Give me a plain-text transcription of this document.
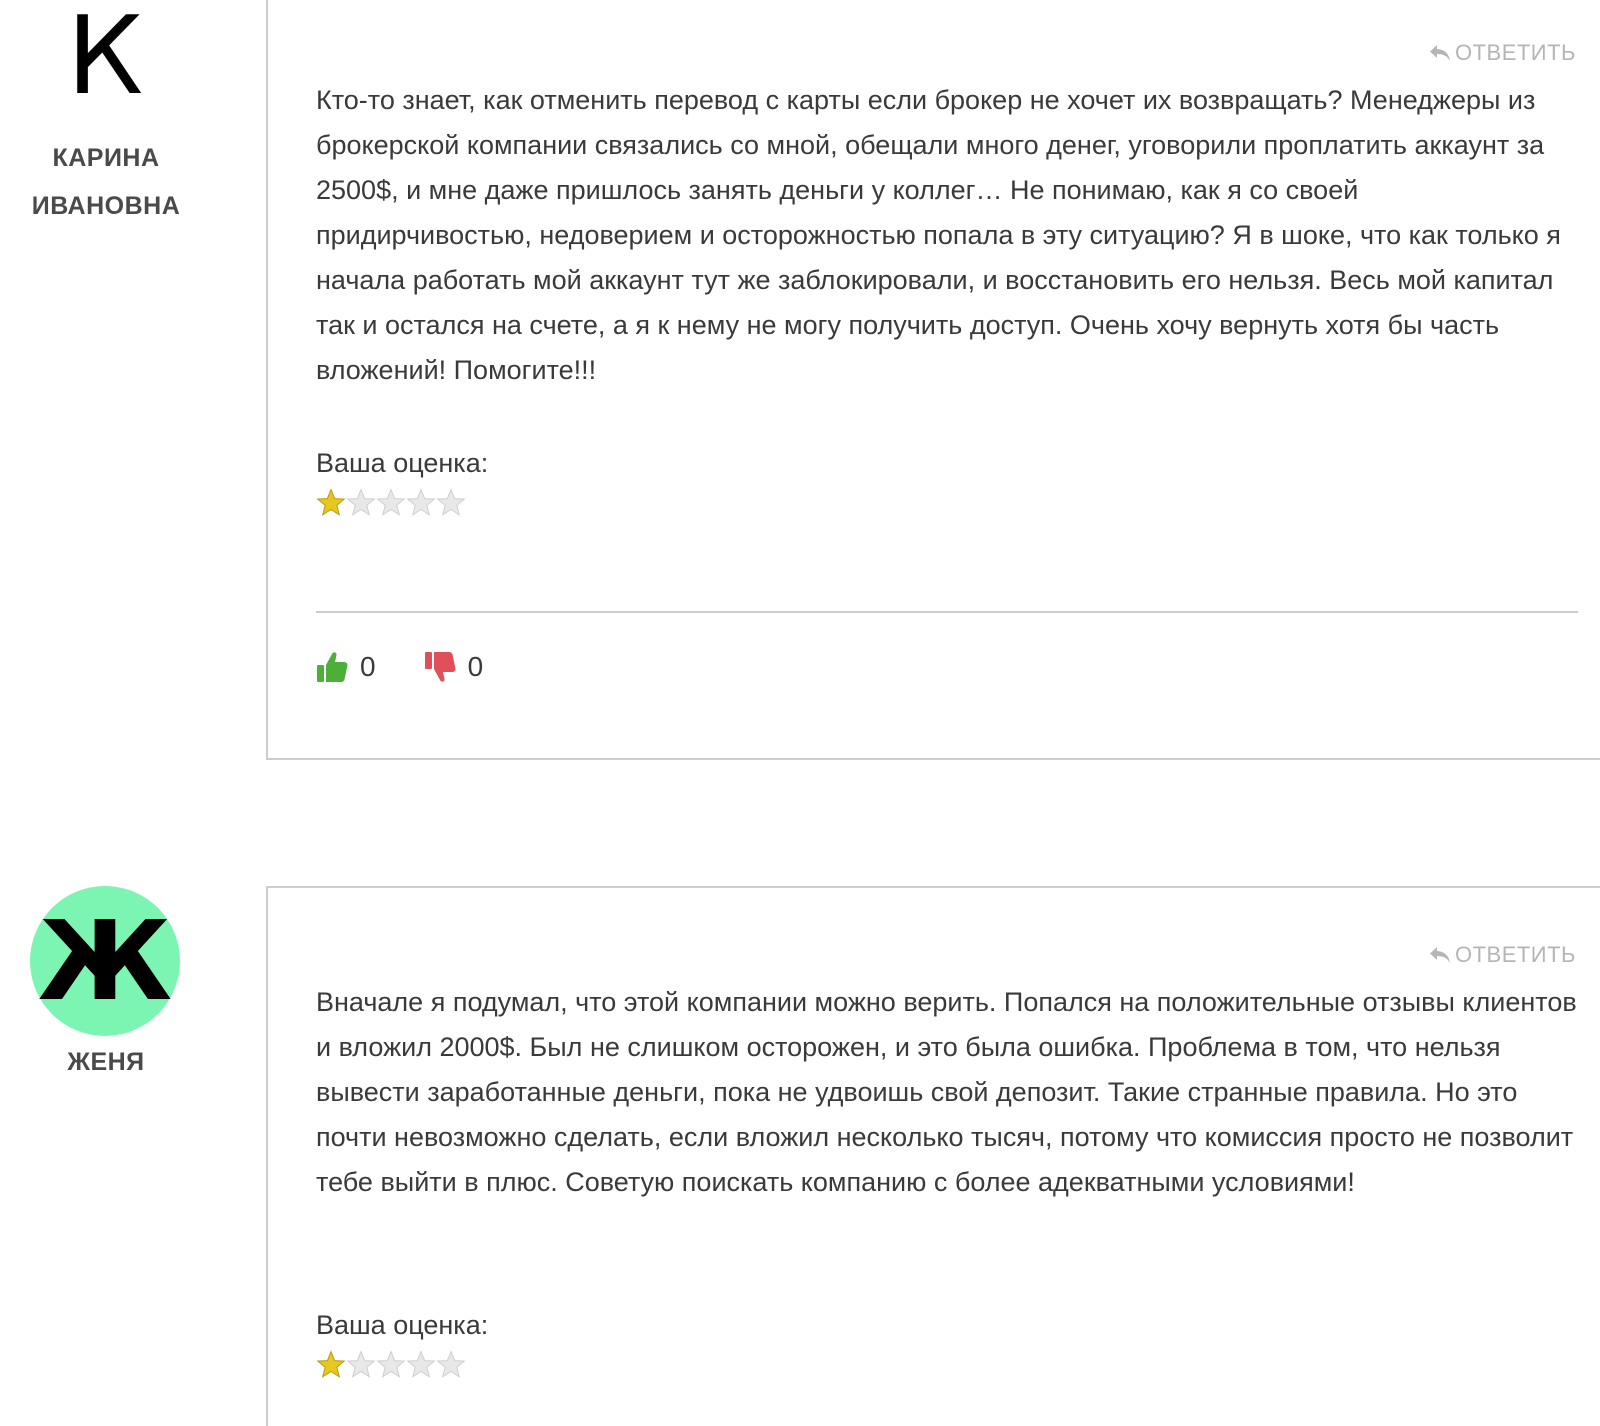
К
КАРИНА
ИВАНОВНА
ОТВЕТИТЬ

Кто-то знает, как отменить перевод с карты если брокер не хочет их возвращать? Менеджеры из брокерской компании связались со мной, обещали много денег, уговорили проплатить аккаунт за 2500$, и мне даже пришлось занять деньги у коллег… Не понимаю, как я со своей придирчивостью, недоверием и осторожностью попала в эту ситуацию? Я в шоке, что как только я начала работать мой аккаунт тут же заблокировали, и восстановить его нельзя. Весь мой капитал так и остался на счете, а я к нему не могу получить доступ. Очень хочу вернуть хотя бы часть вложений! Помогите!!!

Ваша оценка:
0	0
Ж
ЖЕНЯ
ОТВЕТИТЬ

Вначале я подумал, что этой компании можно верить. Попался на положительные отзывы клиентов и вложил 2000$. Был не слишком осторожен, и это была ошибка. Проблема в том, что нельзя вывести заработанные деньги, пока не удвоишь свой депозит. Такие странные правила. Но это почти невозможно сделать, если вложил несколько тысяч, потому что комиссия просто не позволит тебе выйти в плюс. Советую поискать компанию с более адекватными условиями!

Ваша оценка:
